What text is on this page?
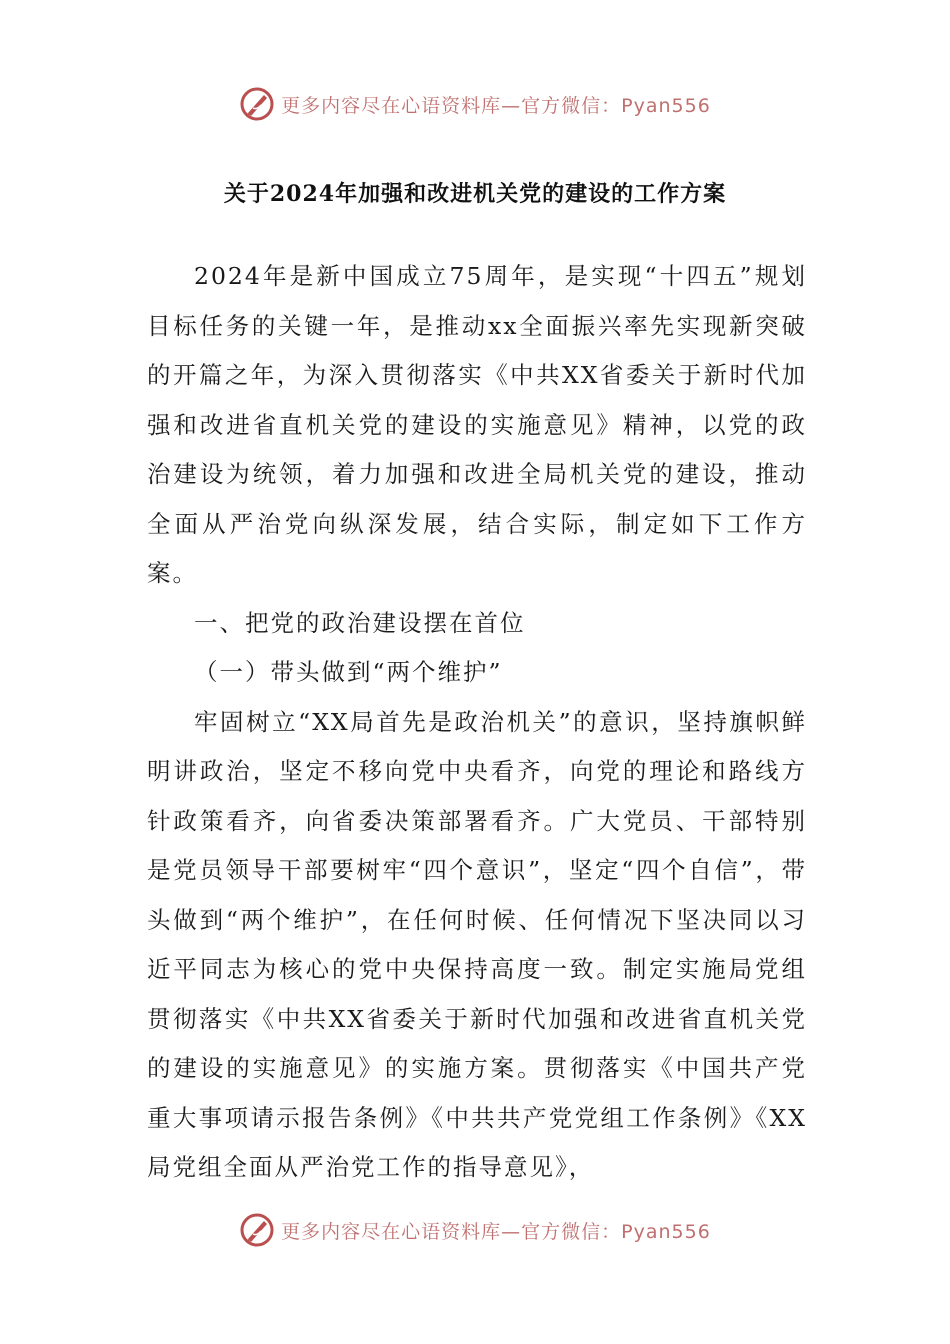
更多内容尽在心语资料库—官方微信：Pyan556
关于2024年加强和改进机关党的建设的工作方案

2024年是新中国成立75周年，是实现“十四五”规划目标任务的关键一年，是推动xx全面振兴率先实现新突破的开篇之年，为深入贯彻落实《中共XX省委关于新时代加强和改进省直机关党的建设的实施意见》精神，以党的政治建设为统领，着力加强和改进全局机关党的建设，推动全面从严治党向纵深发展，结合实际，制定如下工作方案。

一、把党的政治建设摆在首位

（一）带头做到“两个维护”

牢固树立“XX局首先是政治机关”的意识，坚持旗帜鲜明讲政治，坚定不移向党中央看齐，向党的理论和路线方针政策看齐，向省委决策部署看齐。广大党员、干部特别是党员领导干部要树牢“四个意识”，坚定“四个自信”，带头做到“两个维护”，在任何时候、任何情况下坚决同以习近平同志为核心的党中央保持高度一致。制定实施局党组贯彻落实《中共XX省委关于新时代加强和改进省直机关党的建设的实施意见》的实施方案。贯彻落实《中国共产党重大事项请示报告条例》《中共共产党党组工作条例》《XX局党组全面从严治党工作的指导意见》，

更多内容尽在心语资料库—官方微信：Pyan556
